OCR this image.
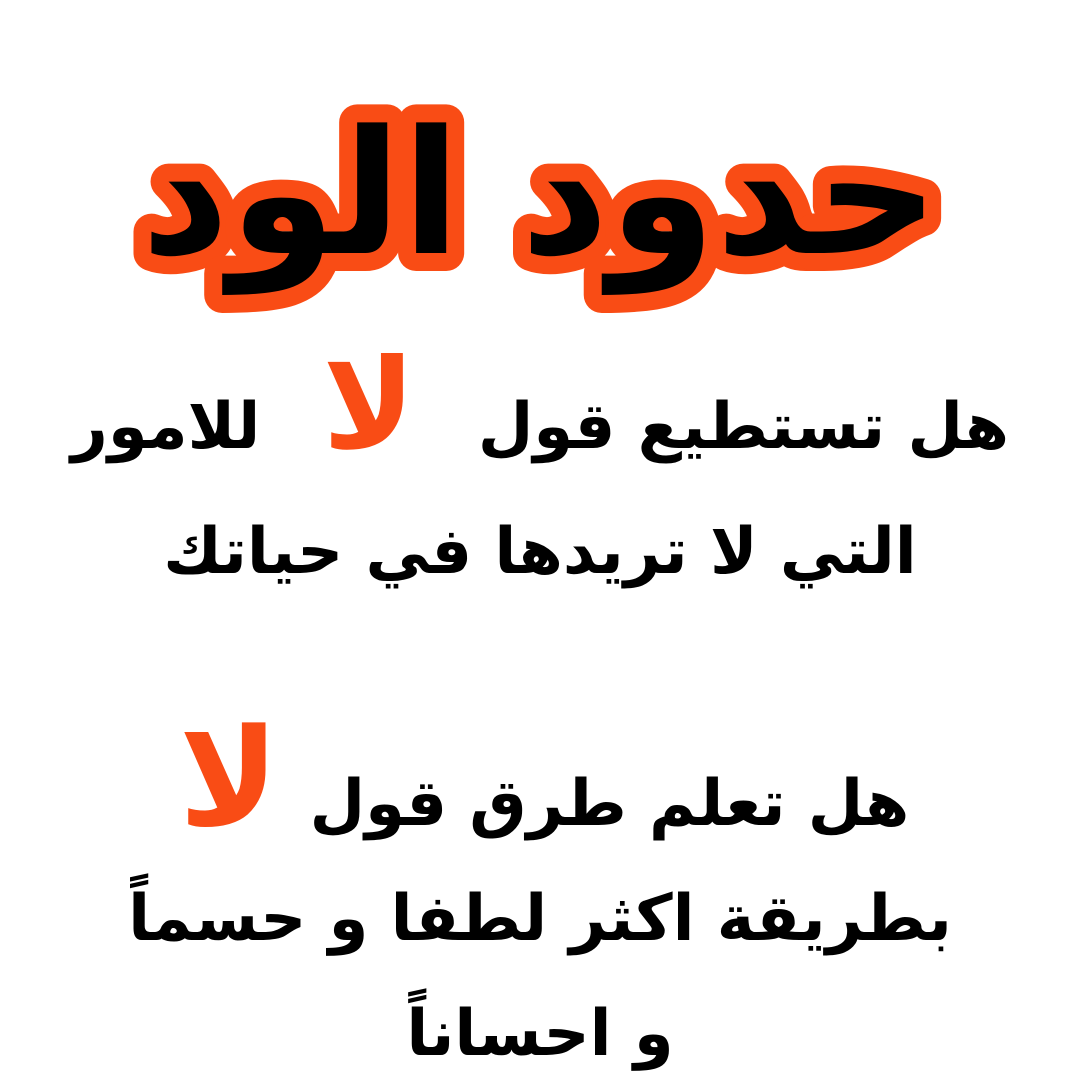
حدود الود
هل تستطيع قول لا للامور
التي لا تريدها في حياتك
هل تعلم طرق قول لا
بطريقة اكثر لطفا و حسماً
و احساناً
